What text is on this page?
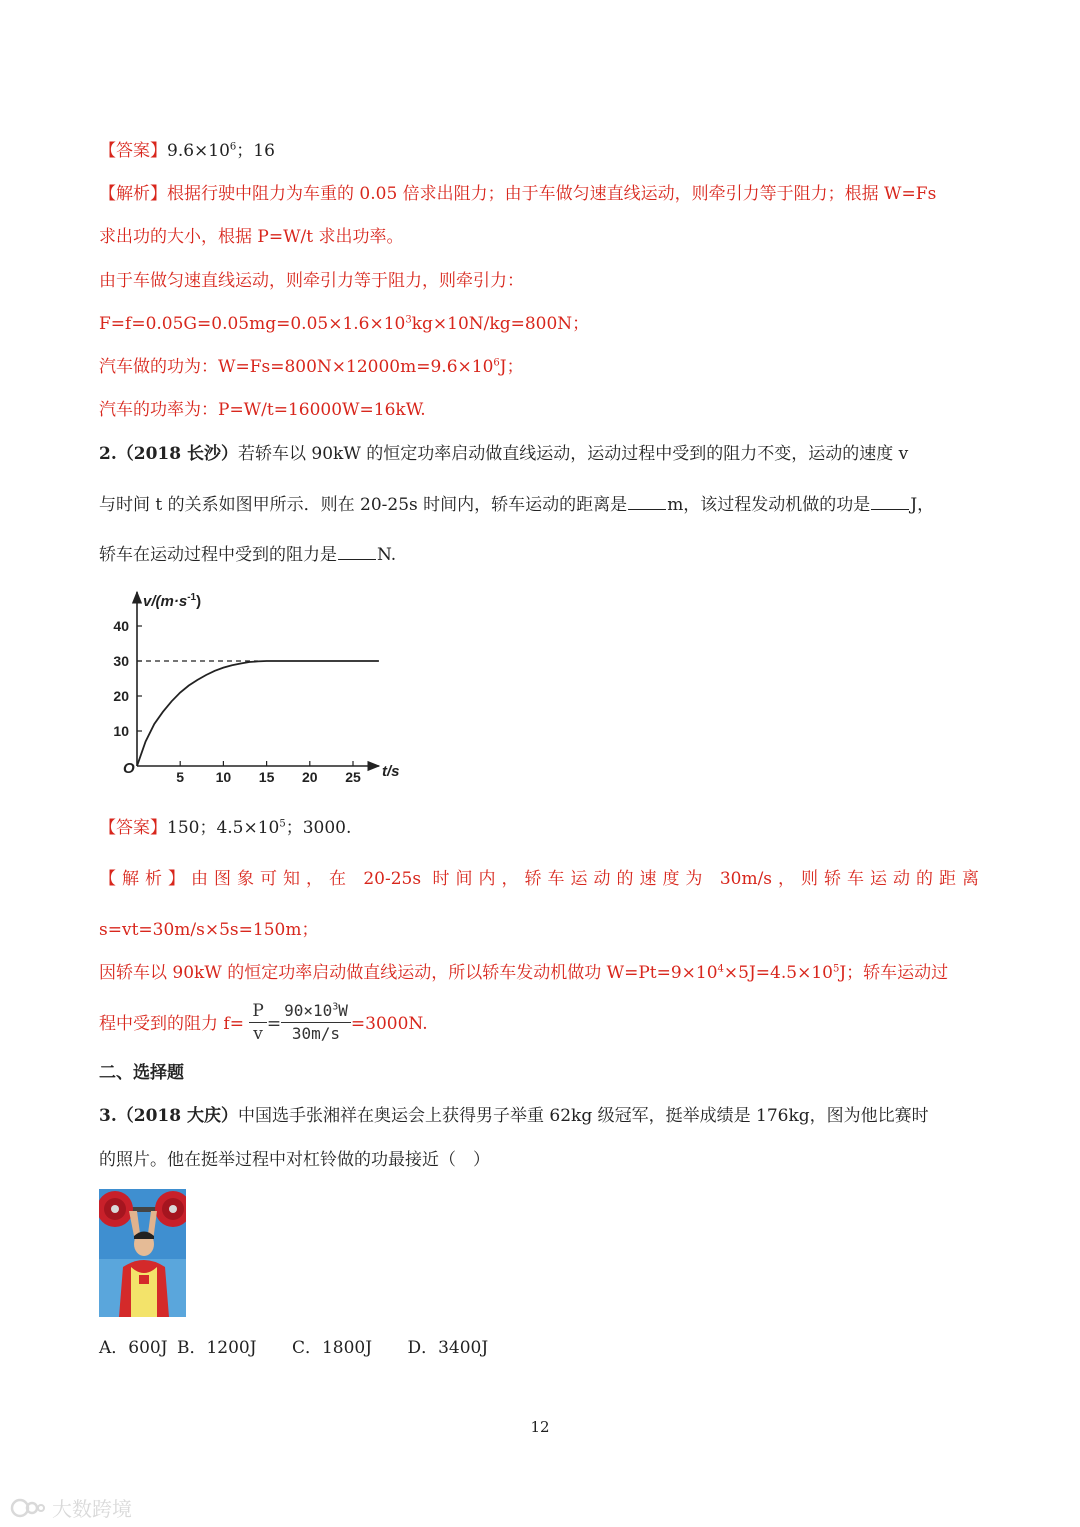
【答案】$9.6\times 10^6$；16
【解析】根据行驶中阻力为车重的 0.05 倍求出阻力；由于车做匀速直线运动，则牵引力等于阻力；根据 W=Fs
求出功的大小，根据 P=W/t 求出功率。
由于车做匀速直线运动，则牵引力等于阻力，则牵引力：
$F=f=0.05G=0.05mg=0.05\times 1.6\times 10^3kg\times 10N/kg=800N$；
汽车做的功为：$W=Fs=800N\times 12000m=9.6\times 10^6J$；
汽车的功率为：P=W/t=16000W=16kW.
2.（2018 长沙）若轿车以 90kW 的恒定功率启动做直线运动，运动过程中受到的阻力不变，运动的速度 v
与时间 t 的关系如图甲所示．则在 20-25s 时间内，轿车运动的距离是 m，该过程发动机做的功是 J，
轿车在运动过程中受到的阻力是 N.
10
20
30
40
5 10 15 20 25
O
$v/(m\cdot s^{-1})$
t/s
【答案】150；$4.5\times 10^5$；3000.
【解析】由图象可知，在 20-25s 时间内，轿车运动的速度为 30m/s，则轿车运动的距离
s=vt=30m/s×5s=150m；
因轿车以 90kW 的恒定功率启动做直线运动，所以轿车发动机做功 $W=Pt=9\times 10^4\times 5J=4.5\times 10^5J$；轿车运动过
程中受到的阻力 $f= \frac{P}{v} = \frac{90\times 10^3W}{30m/s} =3000N$.
二、选择题
3.（2018 大庆）中国选手张湘祥在奥运会上获得男子举重 62kg 级冠军，挺举成绩是 176kg，图为他比赛时
的照片。他在挺举过程中对杠铃做的功最接近（　）
A．600J B．1200J C．1800J D．3400J
12
大数跨境
